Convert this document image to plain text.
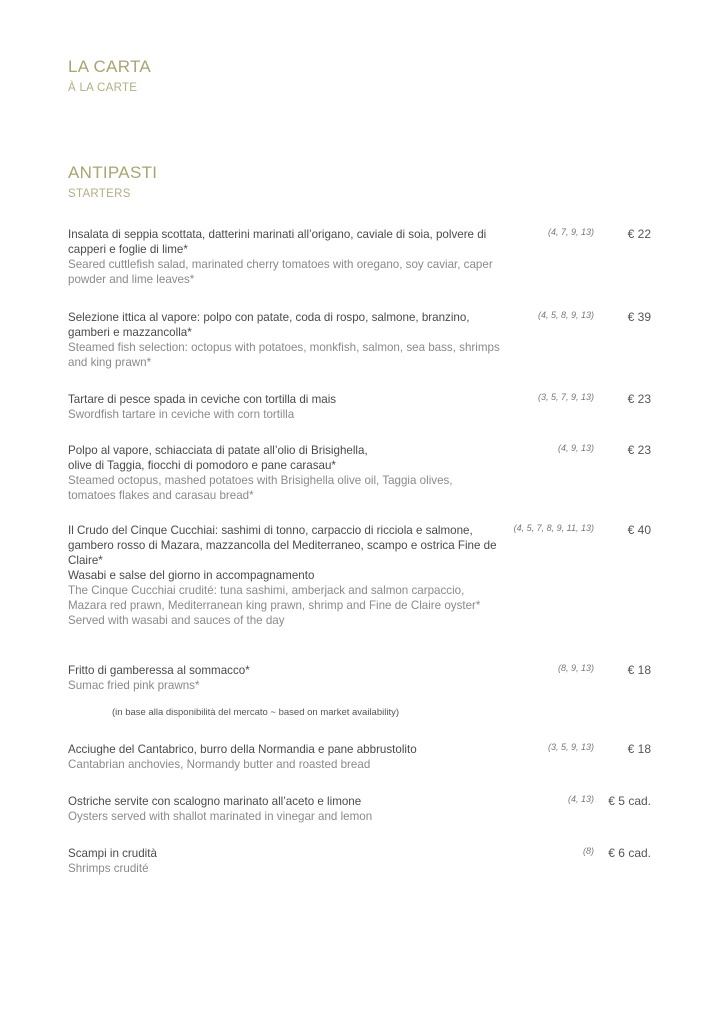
LA CARTA
À LA CARTE
ANTIPASTI
STARTERS
Insalata di seppia scottata, datterini marinati all’origano, caviale di soia, polvere di capperi e foglie di lime*
Seared cuttlefish salad, marinated cherry tomatoes with oregano, soy caviar, caper powder and lime leaves*
(4, 7, 9, 13)	€ 22
Selezione ittica al vapore: polpo con patate, coda di rospo, salmone, branzino, gamberi e mazzancolla*
Steamed fish selection: octopus with potatoes, monkfish, salmon, sea bass, shrimps and king prawn*
(4, 5, 8, 9, 13)	€ 39
Tartare di pesce spada in ceviche con tortilla di mais
Swordfish tartare in ceviche with corn tortilla
(3, 5, 7, 9, 13)	€ 23
Polpo al vapore, schiacciata di patate all’olio di Brisighella,
olive di Taggia, fiocchi di pomodoro e pane carasau*
Steamed octopus, mashed potatoes with Brisighella olive oil, Taggia olives, tomatoes flakes and carasau bread*
(4, 9, 13)	€ 23
Il Crudo del Cinque Cucchiai: sashimi di tonno, carpaccio di ricciola e salmone, gambero rosso di Mazara, mazzancolla del Mediterraneo, scampo e ostrica Fine de Claire*
Wasabi e salse del giorno in accompagnamento
The Cinque Cucchiai crudité: tuna sashimi, amberjack and salmon carpaccio, Mazara red prawn, Mediterranean king prawn, shrimp and Fine de Claire oyster*
Served with wasabi and sauces of the day
(4, 5, 7, 8, 9, 11, 13)	€ 40
Fritto di gamberessa al sommacco*
Sumac fried pink prawns*
(8, 9, 13)	€ 18
Acciughe del Cantabrico, burro della Normandia e pane abbrustolito
Cantabrian anchovies, Normandy butter and roasted bread
(3, 5, 9, 13)	€ 18
Ostriche servite con scalogno marinato all’aceto e limone
Oysters served with shallot marinated in vinegar and lemon
(4, 13) € 5 cad.
Scampi in crudità
Shrimps crudité
(8) € 6 cad.
(in base alla disponibilità del mercato ~ based on market availability)
